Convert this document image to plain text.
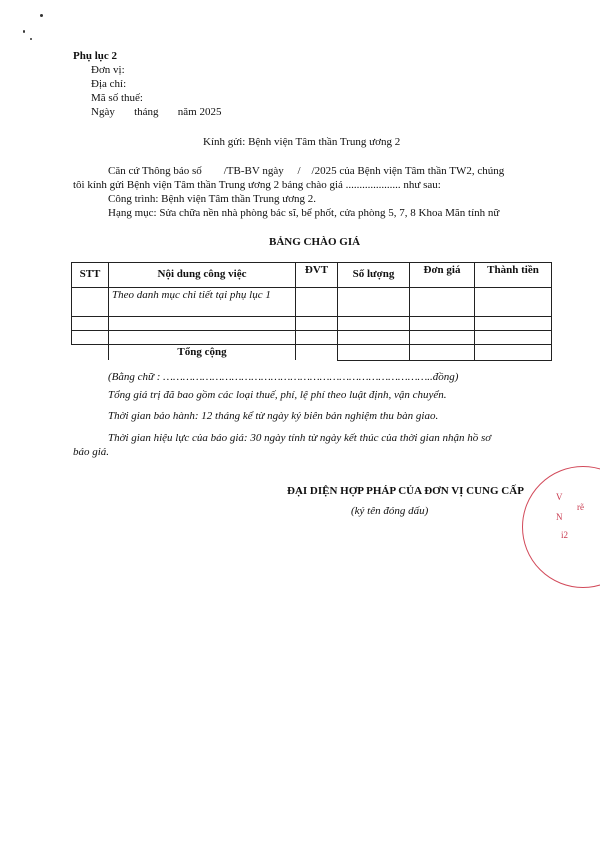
Phụ lục 2
Đơn vị:
Địa chỉ:
Mã số thuế:
Ngày       tháng       năm 2025
Kính gửi: Bệnh viện Tâm thần Trung ương 2
Căn cứ Thông báo số        /TB-BV ngày     /    /2025 của Bệnh viện Tâm thần TW2, chúng
tôi kính gửi Bệnh viện Tâm thần Trung ương 2 bảng chào giá .................... như sau:
Công trình: Bệnh viện Tâm thần Trung ương 2.
Hạng mục: Sửa chữa nền nhà phòng bác sĩ, bể phốt, cửa phòng 5, 7, 8 Khoa Mãn tính nữ
BẢNG CHÀO GIÁ
STT	Nội dung công việc	ĐVT	Số lượng	Đơn giá	Thành tiền
	Theo danh mục chi tiết tại phụ lục 1				

	Tổng cộng				
(Bằng chữ : ………………………………………………………………………..đồng)
Tổng giá trị đã bao gồm các loại thuế, phí, lệ phí theo luật định, vận chuyển.
Thời gian bảo hành: 12 tháng kể từ ngày ký biên bản nghiệm thu bàn giao.
Thời gian hiệu lực của báo giá: 30 ngày tính từ ngày kết thúc của thời gian nhận hồ sơ
báo giá.
ĐẠI DIỆN HỢP PHÁP CỦA ĐƠN VỊ CUNG CẤP
(ký tên đóng dấu)
V
rẽ
N
i2
